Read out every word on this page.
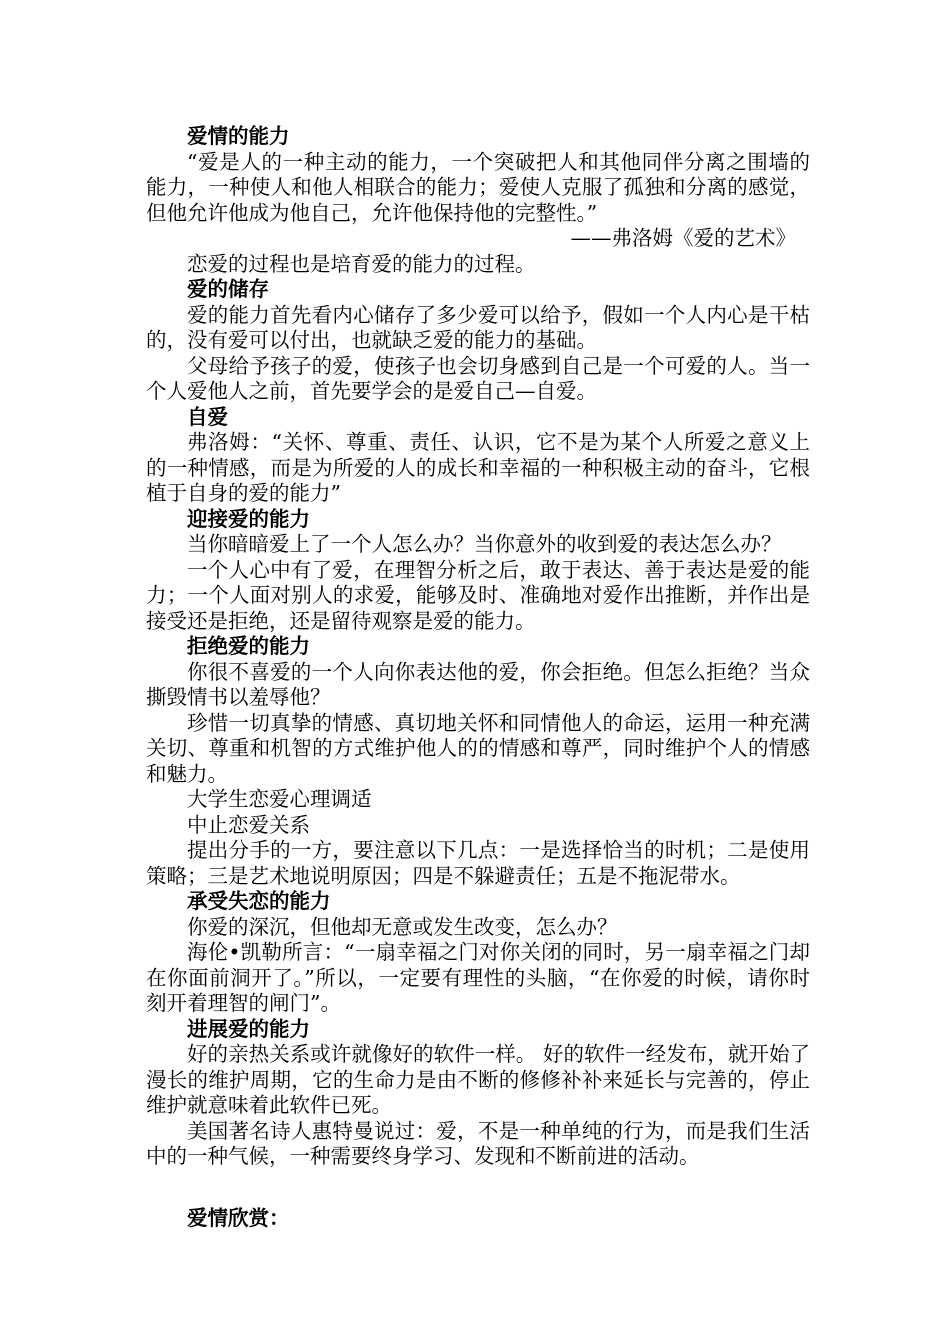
爱情的能力

“爱是人的一种主动的能力，一个突破把人和其他同伴分离之围墙的能力，一种使人和他人相联合的能力；爱使人克服了孤独和分离的感觉，但他允许他成为他自己，允许他保持他的完整性。”

——弗洛姆《爱的艺术》

恋爱的过程也是培育爱的能力的过程。

爱的储存

爱的能力首先看内心储存了多少爱可以给予，假如一个人内心是干枯的，没有爱可以付出，也就缺乏爱的能力的基础。

父母给予孩子的爱，使孩子也会切身感到自己是一个可爱的人。当一个人爱他人之前，首先要学会的是爱自己—自爱。

自爱

弗洛姆：“关怀、尊重、责任、认识，它不是为某个人所爱之意义上的一种情感，而是为所爱的人的成长和幸福的一种积极主动的奋斗，它根植于自身的爱的能力”

迎接爱的能力

当你暗暗爱上了一个人怎么办？当你意外的收到爱的表达怎么办？

一个人心中有了爱，在理智分析之后，敢于表达、善于表达是爱的能力；一个人面对别人的求爱，能够及时、准确地对爱作出推断，并作出是接受还是拒绝，还是留待观察是爱的能力。

拒绝爱的能力

你很不喜爱的一个人向你表达他的爱，你会拒绝。但怎么拒绝？当众撕毁情书以羞辱他？

珍惜一切真挚的情感、真切地关怀和同情他人的命运，运用一种充满关切、尊重和机智的方式维护他人的的情感和尊严，同时维护个人的情感和魅力。

大学生恋爱心理调适

中止恋爱关系

提出分手的一方，要注意以下几点：一是选择恰当的时机；二是使用策略；三是艺术地说明原因；四是不躲避责任；五是不拖泥带水。

承受失恋的能力

你爱的深沉，但他却无意或发生改变，怎么办？

海伦•凯勒所言：“一扇幸福之门对你关闭的同时，另一扇幸福之门却在你面前洞开了。”所以，一定要有理性的头脑，“在你爱的时候，请你时刻开着理智的闸门”。

进展爱的能力

好的亲热关系或许就像好的软件一样。 好的软件一经发布，就开始了漫长的维护周期，它的生命力是由不断的修修补补来延长与完善的，停止维护就意味着此软件已死。

美国著名诗人惠特曼说过：爱，不是一种单纯的行为，而是我们生活中的一种气候，一种需要终身学习、发现和不断前进的活动。

爱情欣赏：
